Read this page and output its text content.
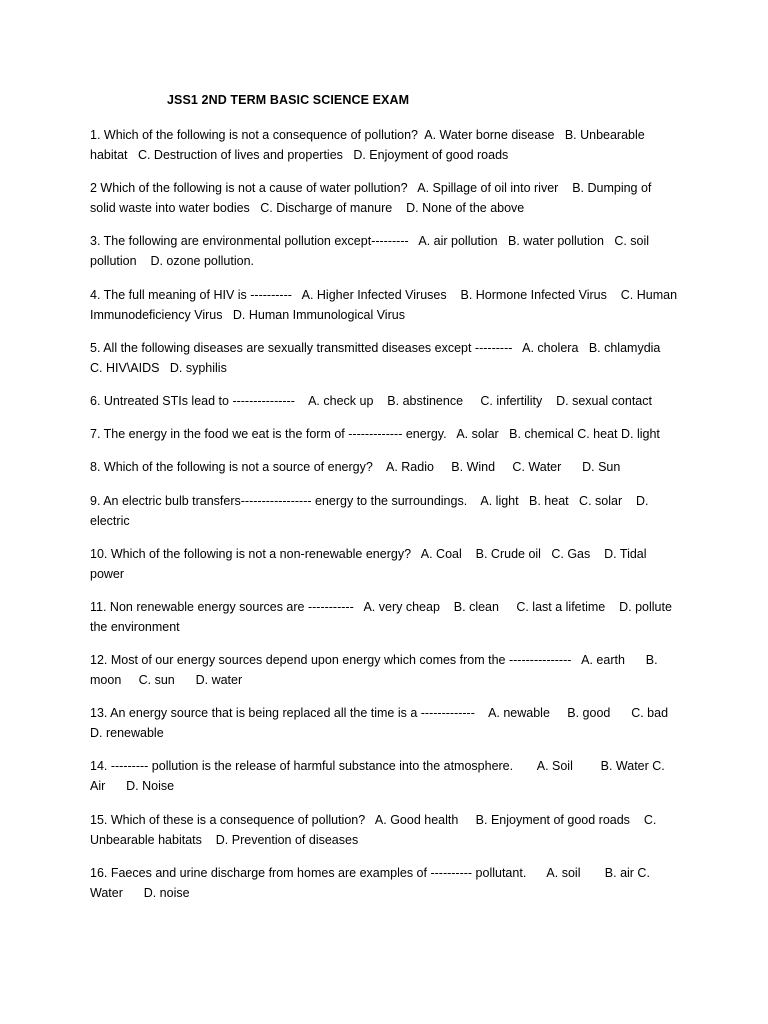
JSS1 2ND TERM BASIC SCIENCE EXAM

1. Which of the following is not a consequence of pollution?  A. Water borne disease   B. Unbearable habitat   C. Destruction of lives and properties   D. Enjoyment of good roads

2 Which of the following is not a cause of water pollution?   A. Spillage of oil into river    B. Dumping of solid waste into water bodies   C. Discharge of manure    D. None of the above

3. The following are environmental pollution except---------   A. air pollution   B. water pollution   C. soil pollution    D. ozone pollution.

4. The full meaning of HIV is ----------   A. Higher Infected Viruses    B. Hormone Infected Virus    C. Human Immunodeficiency Virus   D. Human Immunological Virus

5. All the following diseases are sexually transmitted diseases except ---------   A. cholera   B. chlamydia   C. HIV\AIDS   D. syphilis

6. Untreated STIs lead to ---------------    A. check up    B. abstinence     C. infertility    D. sexual contact

7. The energy in the food we eat is the form of ------------- energy.   A. solar   B. chemical C. heat D. light

8. Which of the following is not a source of energy?    A. Radio     B. Wind     C. Water      D. Sun

9. An electric bulb transfers----------------- energy to the surroundings.    A. light   B. heat   C. solar    D. electric

10. Which of the following is not a non-renewable energy?   A. Coal    B. Crude oil   C. Gas    D. Tidal power

11. Non renewable energy sources are -----------   A. very cheap    B. clean     C. last a lifetime    D. pollute the environment

12. Most of our energy sources depend upon energy which comes from the ---------------   A. earth      B. moon     C. sun      D. water

13. An energy source that is being replaced all the time is a -------------    A. newable     B. good      C. bad      D. renewable

14. --------- pollution is the release of harmful substance into the atmosphere.       A. Soil        B. Water C. Air      D. Noise

15. Which of these is a consequence of pollution?   A. Good health     B. Enjoyment of good roads    C. Unbearable habitats    D. Prevention of diseases

16. Faeces and urine discharge from homes are examples of ---------- pollutant.      A. soil       B. air C. Water      D. noise
